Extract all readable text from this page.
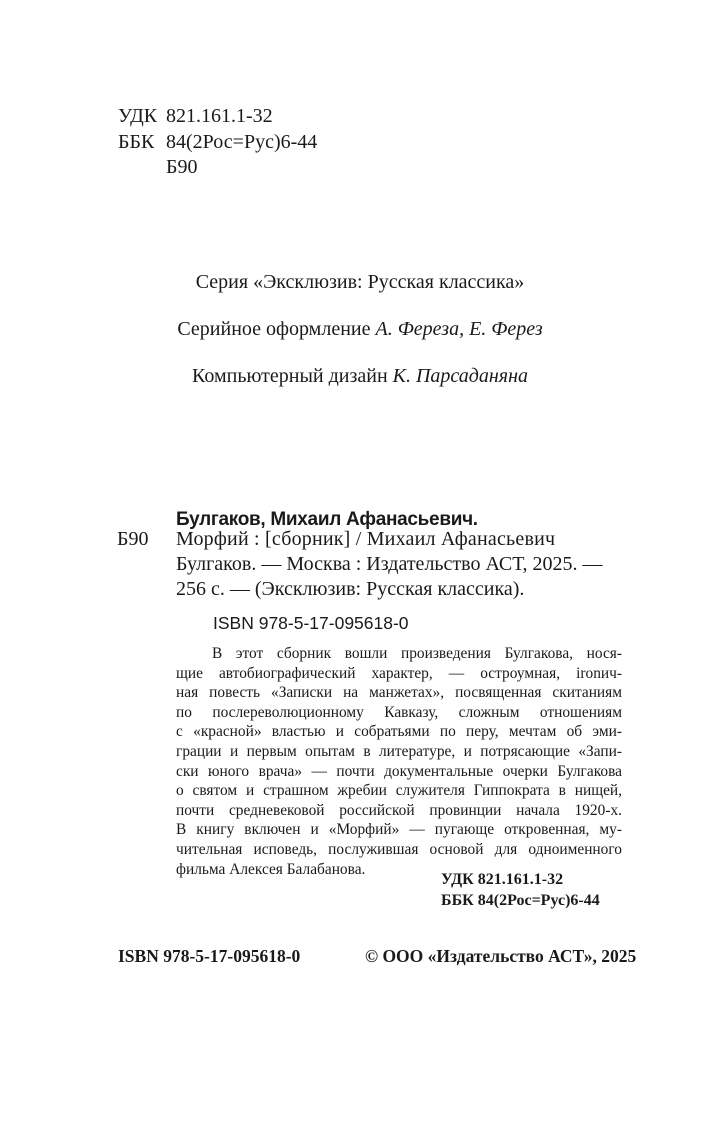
УДК 821.161.1-32
ББК 84(2Рос=Рус)6-44
Б90
Серия «Эксклюзив: Русская классика»
Серийное оформление А. Фереза, Е. Ферез
Компьютерный дизайн К. Парсаданяна
Булгаков, Михаил Афанасьевич.
Б90 Морфий : [сборник] / Михаил Афанасьевич
Булгаков. — Москва : Издательство АСТ, 2025. —
256 с. — (Эксклюзив: Русская классика).
ISBN 978-5-17-095618-0
В этот сборник вошли произведения Булгакова, нося-
щие автобиографический характер, — остроумная, ironич-
ная повесть «Записки на манжетах», посвященная скитаниям
по послереволюционному Кавказу, сложным отношениям
с «красной» властью и собратьями по перу, мечтам об эми-
грации и первым опытам в литературе, и потрясающие «Запи-
ски юного врача» — почти документальные очерки Булгакова
о святом и страшном жребии служителя Гиппократа в нищей,
почти средневековой российской провинции начала 1920-х.
В книгу включен и «Морфий» — пугающе откровенная, му-
чительная исповедь, послужившая основой для одноименного
фильма Алексея Балабанова.
УДК 821.161.1-32
ББК 84(2Рос=Рус)6-44
ISBN 978-5-17-095618-0	© ООО «Издательство АСТ», 2025
